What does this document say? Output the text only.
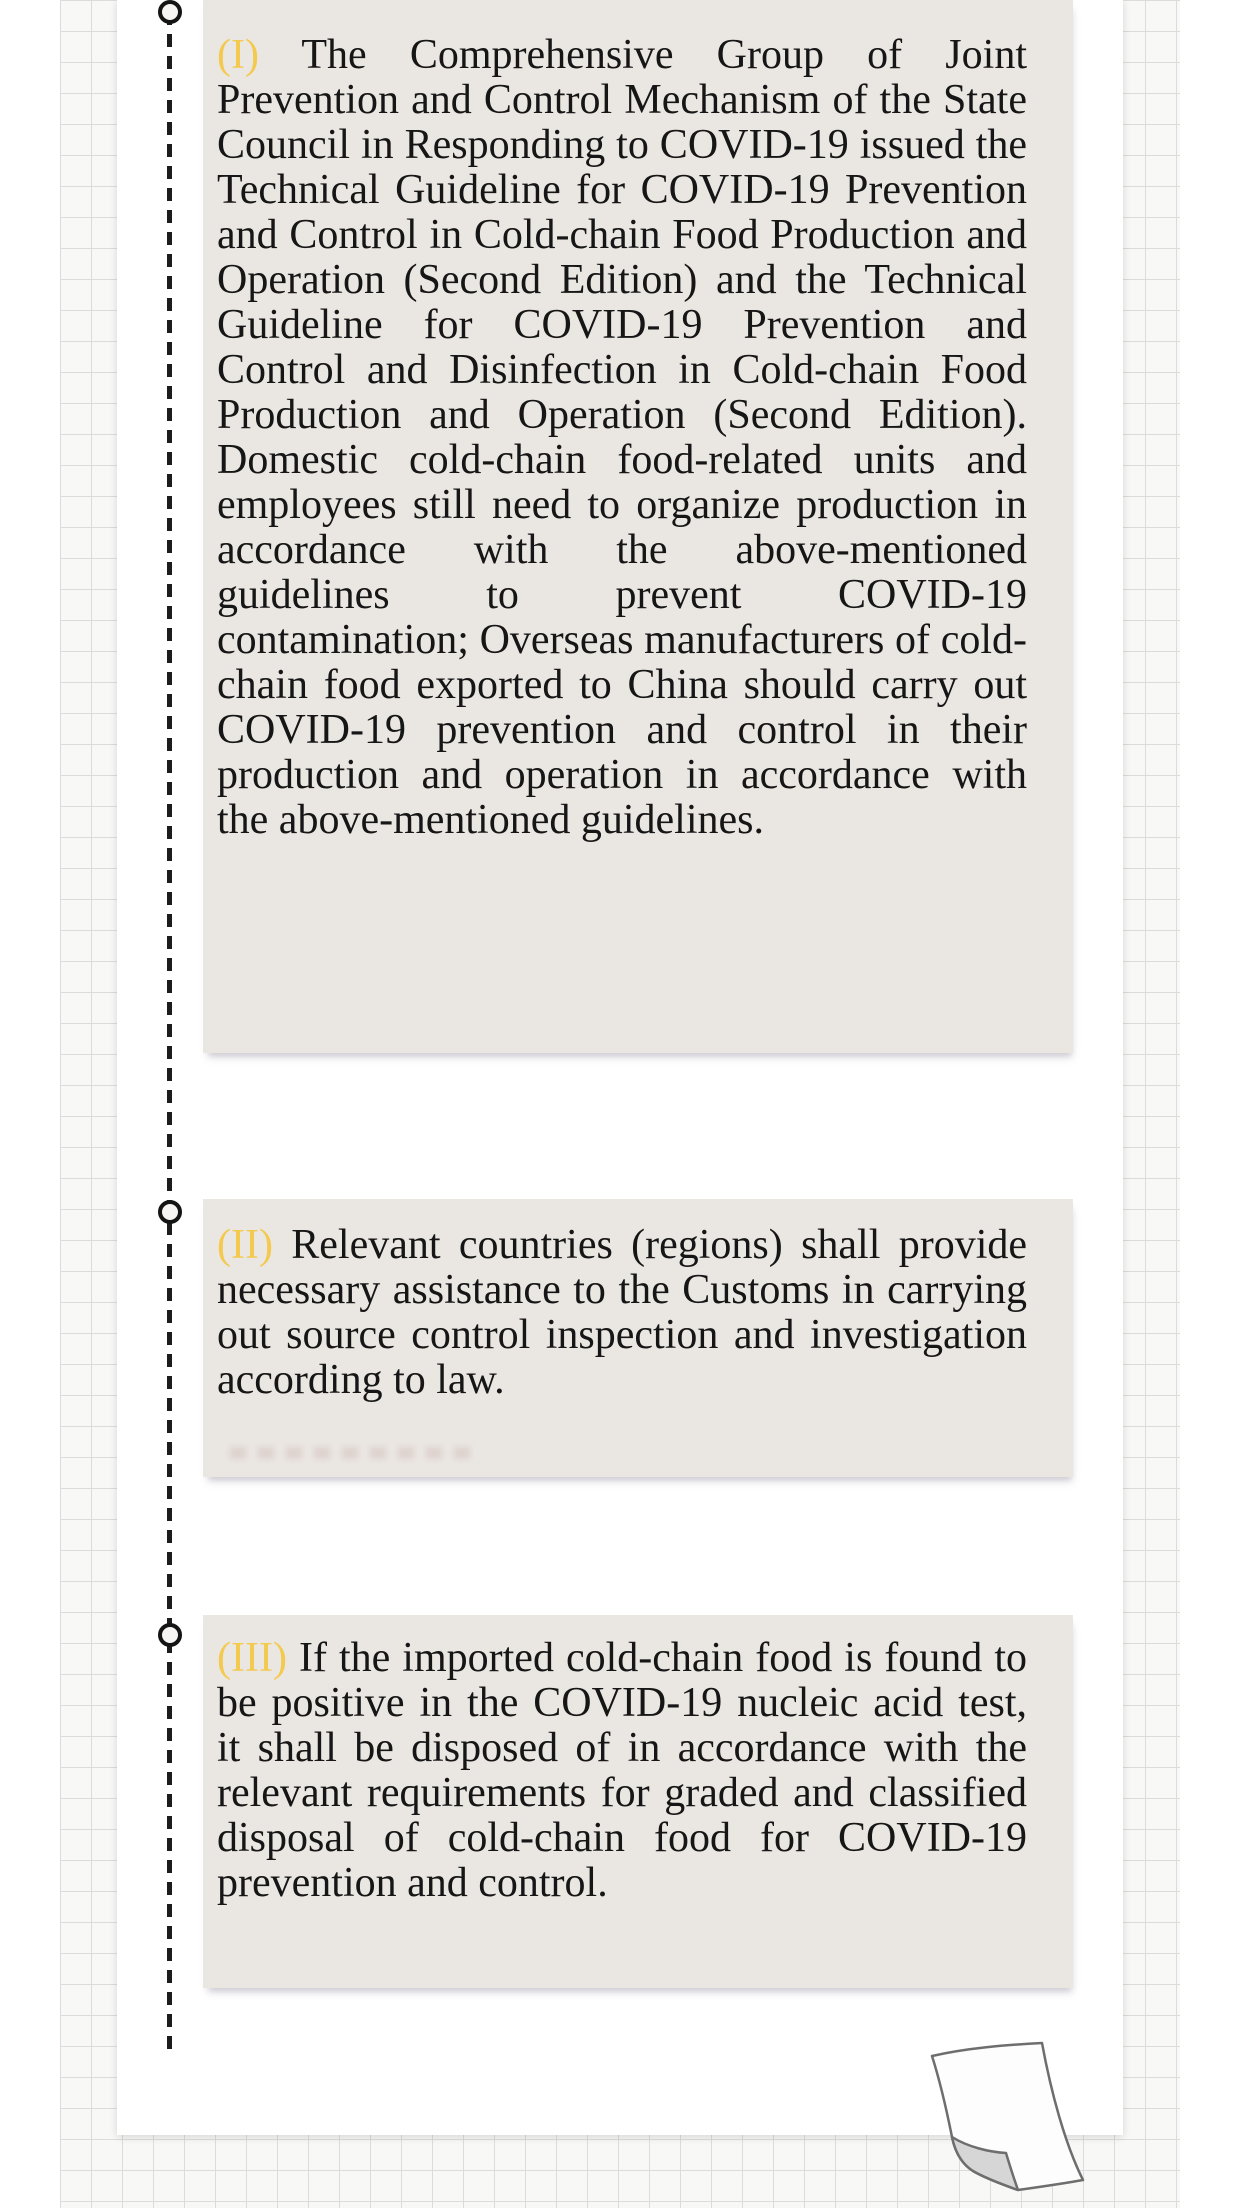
(I) The Comprehensive Group of Joint Prevention and Control Mechanism of the State Council in Responding to COVID-19 issued the Technical Guideline for COVID-19 Prevention and Control in Cold-chain Food Production and Operation (Second Edition) and the Technical Guideline for COVID-19 Prevention and Control and Disinfection in Cold-chain Food Production and Operation (Second Edition). Domestic cold-chain food-related units and employees still need to organize production in accordance with the above-mentioned guidelines to prevent COVID-19 contamination; Overseas manufacturers of cold-chain food exported to China should carry out COVID-19 prevention and control in their production and operation in accordance with the above-mentioned guidelines.
(II) Relevant countries (regions) shall provide necessary assistance to the Customs in carrying out source control inspection and investigation according to law.
(III) If the imported cold-chain food is found to be positive in the COVID-19 nucleic acid test, it shall be disposed of in accordance with the relevant requirements for graded and classified disposal of cold-chain food for COVID-19 prevention and control.
